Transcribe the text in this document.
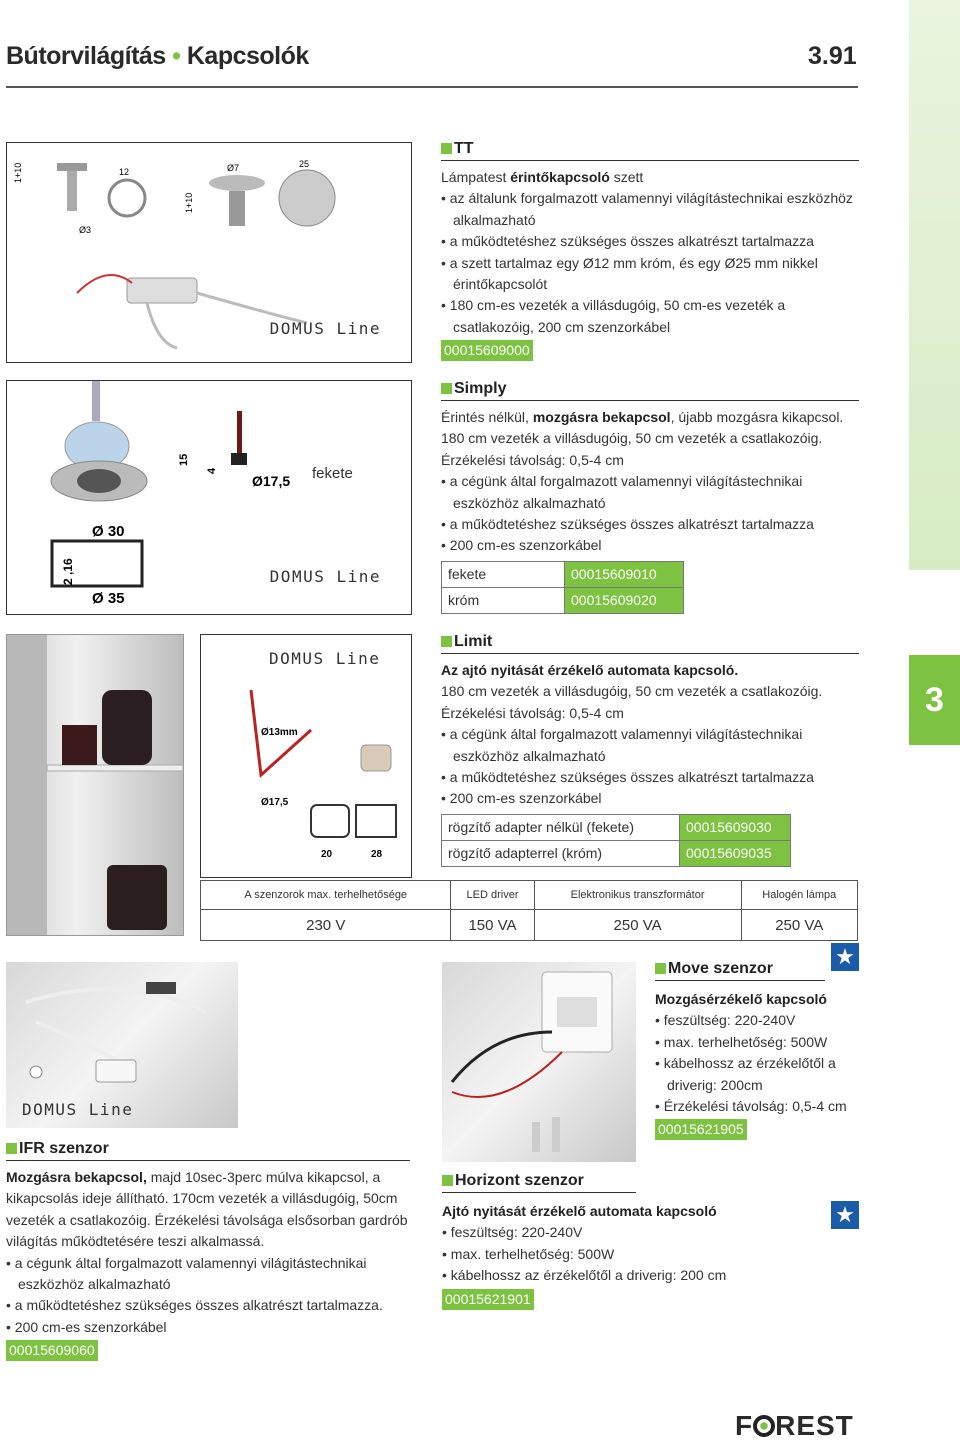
Bútorvilágítás • Kapcsolók	3.91
3
1+10	12
Ø3
Ø7	25
1+10
DOMUS Line
TT
Lámpatest érintőkapcsoló szett
• az általunk forgalmazott valamennyi világítástechnikai eszközhöz alkalmazható
• a működtetéshez szükséges összes alkatrészt tartalmazza
• a szett tartalmaz egy Ø12 mm króm, és egy Ø25 mm nikkel érintőkapcsolót
• 180 cm-es vezeték a villásdugóig, 50 cm-es vezeték a csatlakozóig, 200 cm szenzorkábel
00015609000
15
4
Ø17,5
Ø 30
2 ,16
Ø 35
fekete
DOMUS Line
Simply
Érintés nélkül, mozgásra bekapcsol, újabb mozgásra kikapcsol.
180 cm vezeték a villásdugóig, 50 cm vezeték a csatlakozóig.
Érzékelési távolság: 0,5-4 cm
• a cégünk által forgalmazott valamennyi világítástechnikai eszközhöz alkalmazható
• a működtetéshez szükséges összes alkatrészt tartalmazza
• 200 cm-es szenzorkábel
fekete	00015609010
króm	00015609020
Ø13mm
Ø17,5
20	28
DOMUS Line
Limit
Az ajtó nyitását érzékelő automata kapcsoló.
180 cm vezeték a villásdugóig, 50 cm vezeték a csatlakozóig.
Érzékelési távolság: 0,5-4 cm
• a cégünk által forgalmazott valamennyi világítástechnikai eszközhöz alkalmazható
• a működtetéshez szükséges összes alkatrészt tartalmazza
• 200 cm-es szenzorkábel
rögzítő adapter nélkül (fekete)	00015609030
rögzítő adapterrel (króm)	00015609035
A szenzorok max. terhelhetősége	LED driver	Elektronikus transzformátor	Halogén lámpa
230 V	150 VA	250 VA	250 VA
DOMUS Line
IFR szenzor
Mozgásra bekapcsol, majd 10sec-3perc múlva kikapcsol, a kikapcsolás ideje állítható. 170cm vezeték a villásdugóig, 50cm vezeték a csatlakozóig. Érzékelési távolsága elsősorban gardrób világítás működtetésére teszi alkalmassá.
• a cégunk által forgalmazott valamennyi világitástechnikai eszközhöz alkalmazható
• a működtetéshez szükséges összes alkatrészt tartalmazza.
• 200 cm-es szenzorkábel
00015609060
Move szenzor
Mozgásérzékelő kapcsoló
• feszültség: 220-240V
• max. terhelhetőség: 500W
• kábelhossz az érzékelőtől a driverig: 200cm
• Érzékelési távolság: 0,5-4 cm
00015621905
★
Horizont szenzor
Ajtó nyitását érzékelő automata kapcsoló
• feszültség: 220-240V
• max. terhelhetőség: 500W
• kábelhossz az érzékelőtől a driverig: 200 cm
00015621901
★
F REST
